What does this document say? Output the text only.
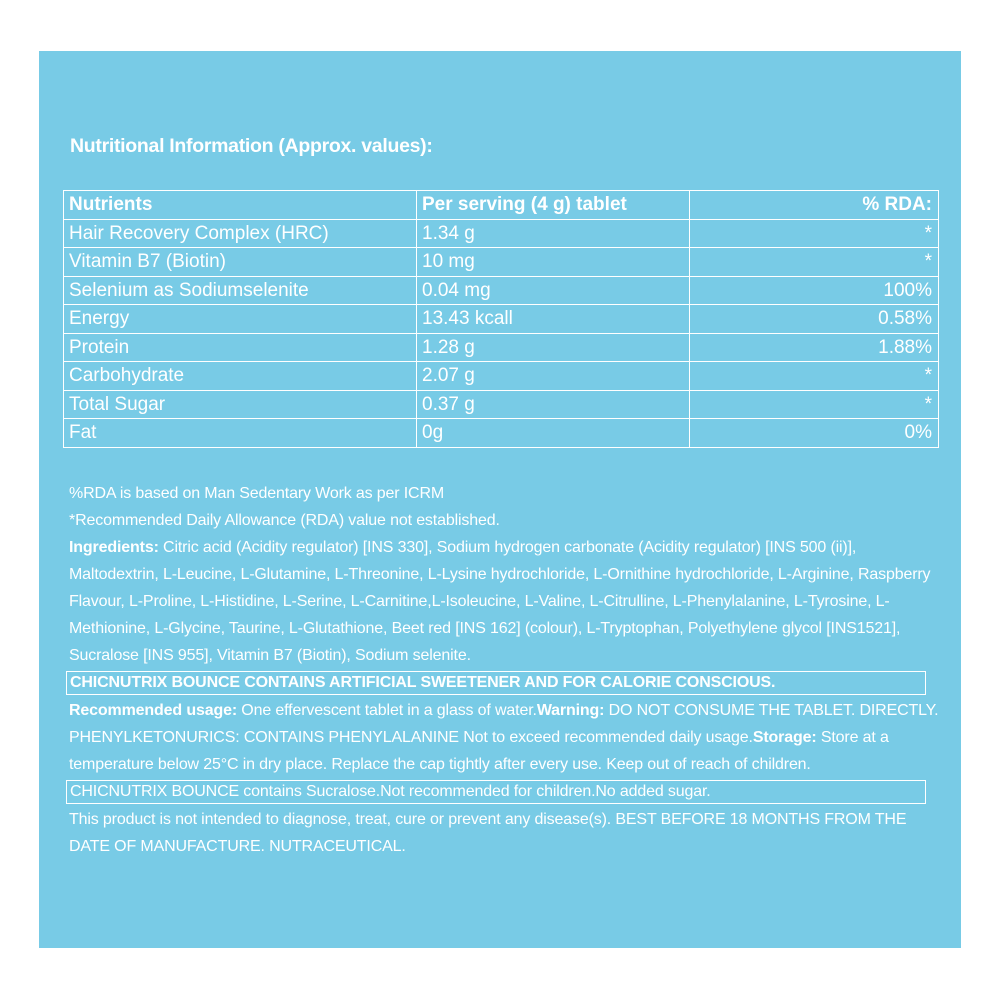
Nutritional Information (Approx. values):
Nutrients	Per serving (4 g) tablet	% RDA:
Hair Recovery Complex (HRC)	1.34 g	*
Vitamin B7 (Biotin)	10 mg	*
Selenium as Sodiumselenite	0.04 mg	100%
Energy	13.43 kcall	0.58%
Protein	1.28 g	1.88%
Carbohydrate	2.07 g	*
Total Sugar	0.37 g	*
Fat	0g	0%

%RDA is based on Man Sedentary Work as per ICRM

*Recommended Daily Allowance (RDA) value not established.

Ingredients: Citric acid (Acidity regulator) [INS 330], Sodium hydrogen carbonate (Acidity regulator) [INS 500 (ii)], Maltodextrin, L-Leucine, L-Glutamine, L-Threonine, L-Lysine hydrochloride, L-Ornithine hydrochloride, L-Arginine, Raspberry Flavour, L-Proline, L-Histidine, L-Serine, L-Carnitine,L-Isoleucine, L-Valine, L-Citrulline, L-Phenylalanine, L-Tyrosine, L-Methionine, L-Glycine, Taurine, L-Glutathione, Beet red [INS 162] (colour), L-Tryptophan, Polyethylene glycol [INS1521], Sucralose [INS 955], Vitamin B7 (Biotin), Sodium selenite.

CHICNUTRIX BOUNCE CONTAINS ARTIFICIAL SWEETENER AND FOR CALORIE CONSCIOUS.

Recommended usage: One effervescent tablet in a glass of water.Warning: DO NOT CONSUME THE TABLET. DIRECTLY. PHENYLKETONURICS: CONTAINS PHENYLALANINE Not to exceed recommended daily usage.Storage: Store at a temperature below 25°C in dry place. Replace the cap tightly after every use. Keep out of reach of children.

CHICNUTRIX BOUNCE contains Sucralose.Not recommended for children.No added sugar.

This product is not intended to diagnose, treat, cure or prevent any disease(s). BEST BEFORE 18 MONTHS FROM THE DATE OF MANUFACTURE. NUTRACEUTICAL.
